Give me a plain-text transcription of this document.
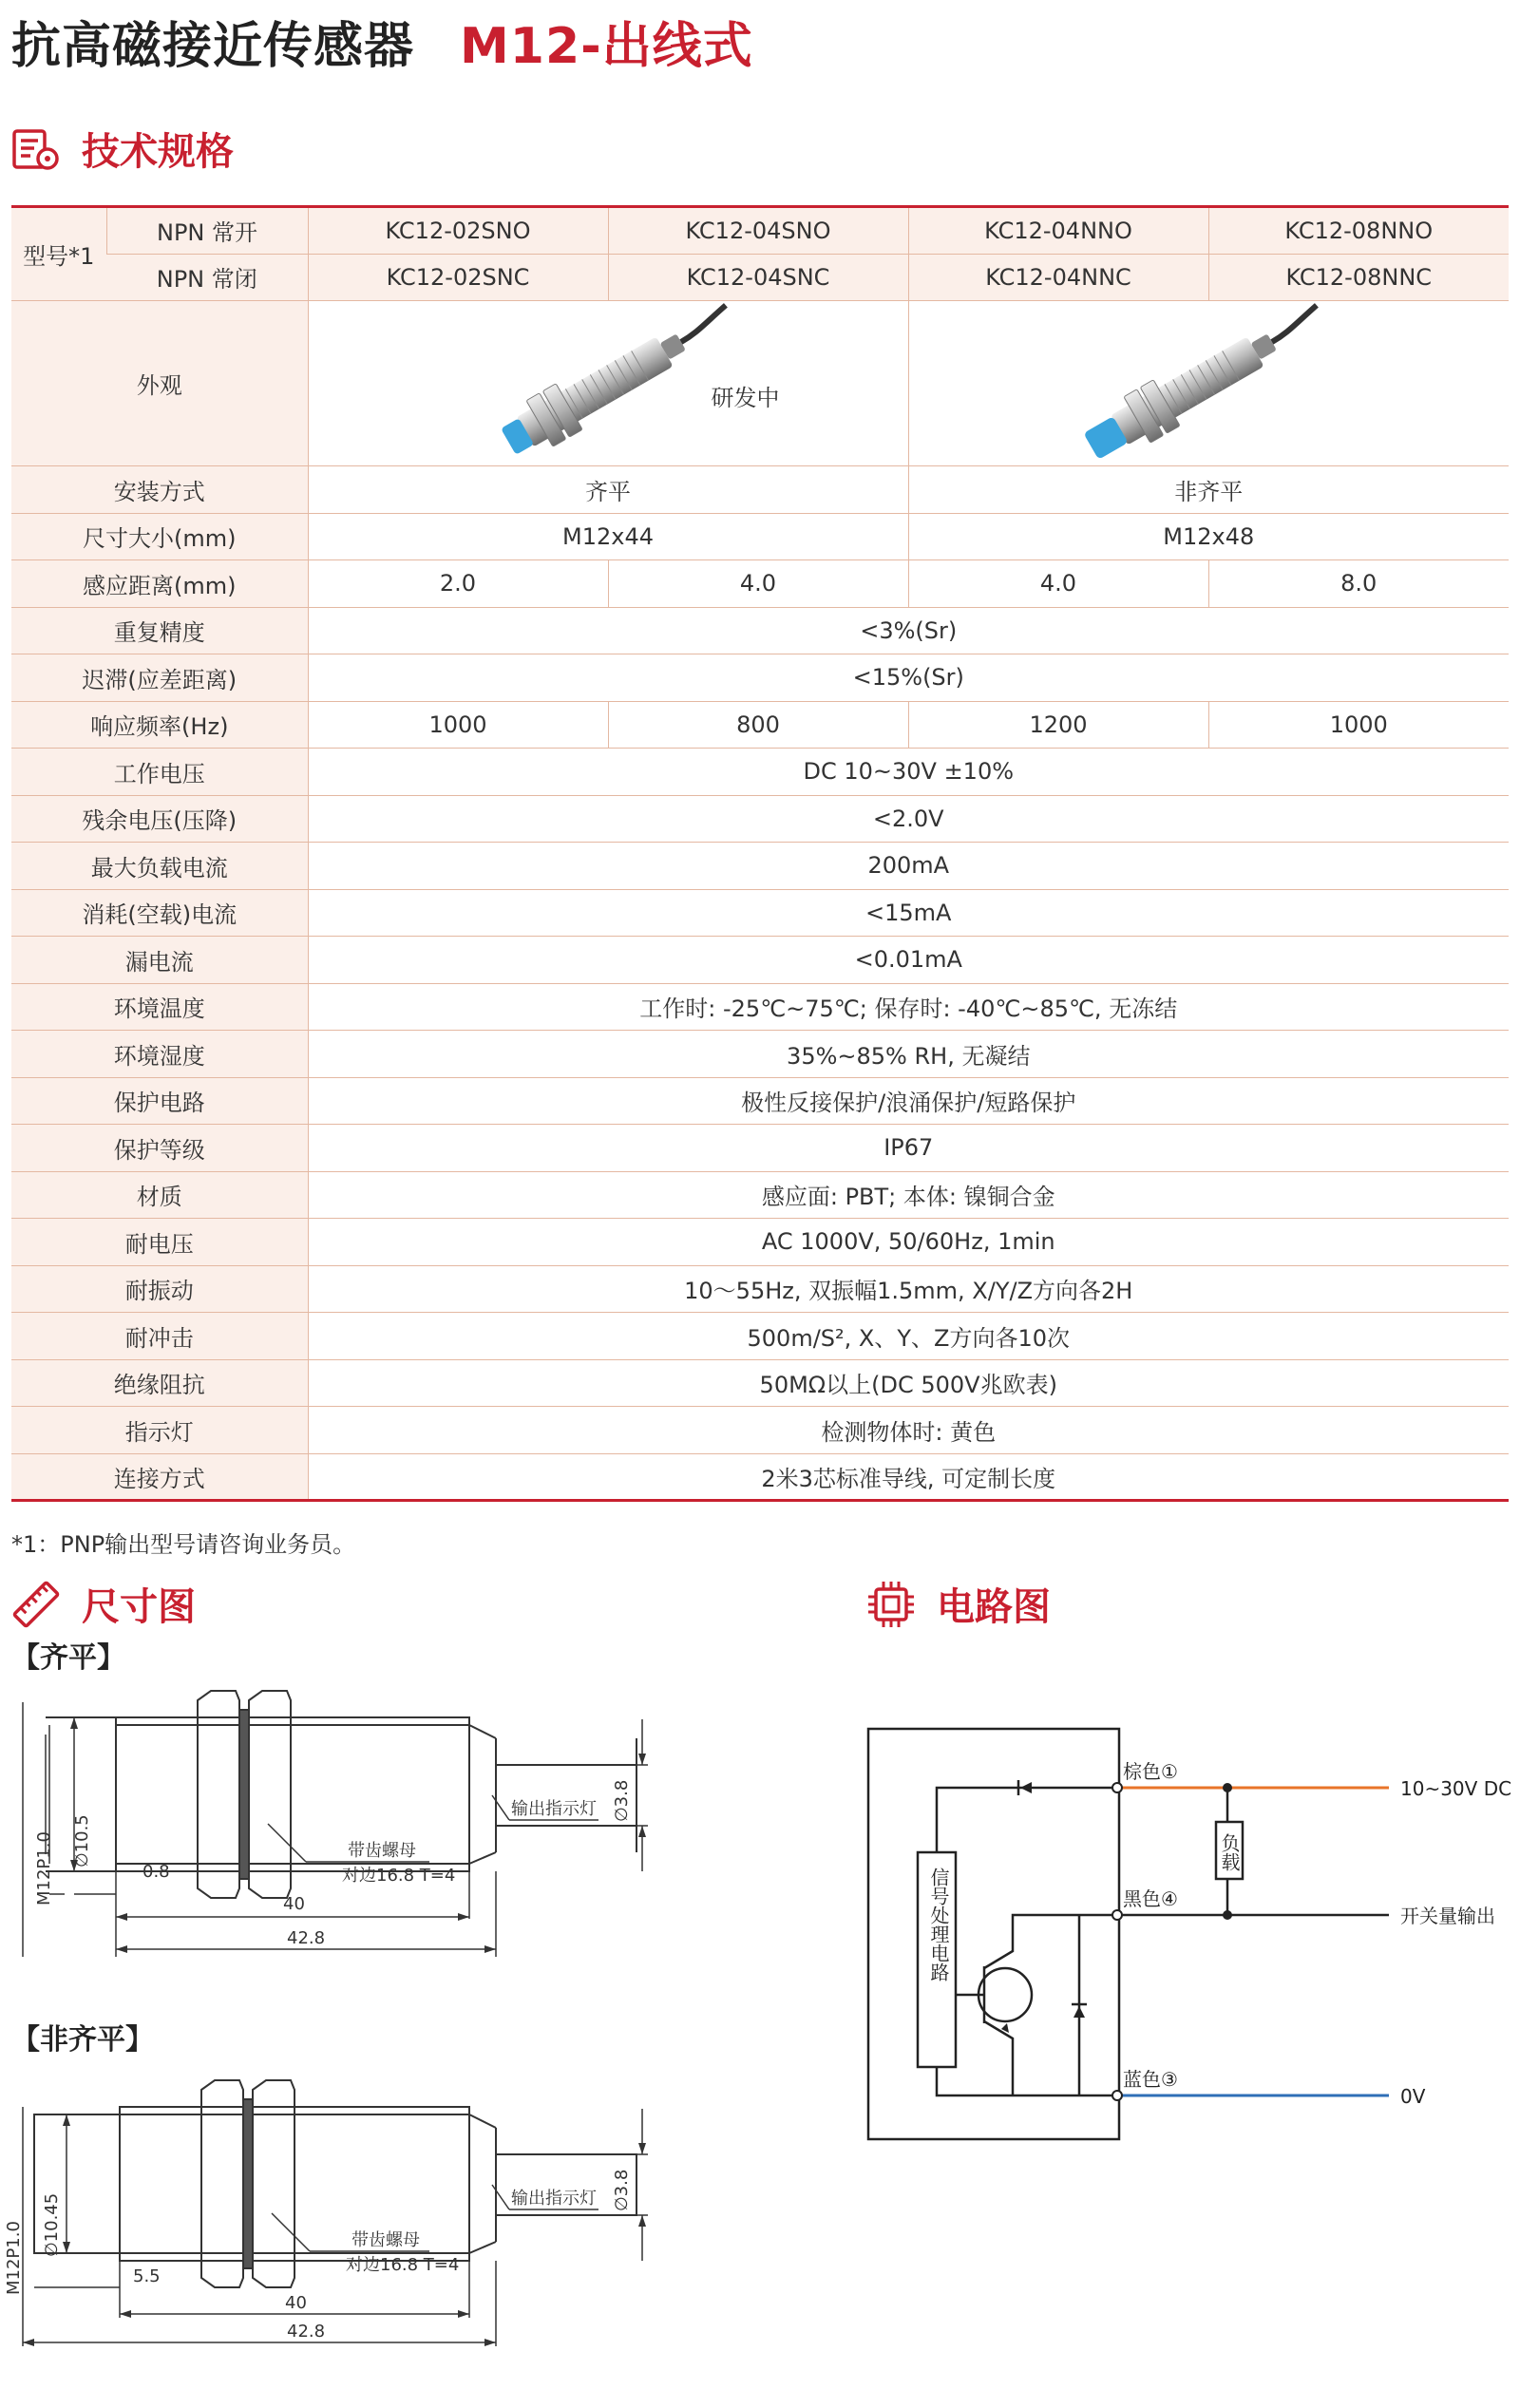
抗高磁接近传感器 M12-出线式
技术规格
型号*1	NPN 常开	KC12-02SNO	KC12-04SNO	KC12-04NNO	KC12-08NNO
	NPN 常闭	KC12-02SNC	KC12-04SNC	KC12-04NNC	KC12-08NNC
外观		研发中

安装方式		齐平		非齐平	
尺寸大小(mm)		M12x44		M12x48	
感应距离(mm)		2.0	4.0	4.0	8.0
重复精度		<3%(Sr)			
迟滞(应差距离)		<15%(Sr)			
响应频率(Hz)		1000	800	1200	1000
工作电压		DC 10~30V ±10%			
残余电压(压降)		<2.0V			
最大负载电流		200mA			
消耗(空载)电流		<15mA			
漏电流		<0.01mA			
环境温度		工作时: -25℃~75℃; 保存时: -40℃~85℃, 无冻结			
环境湿度		35%~85% RH, 无凝结			
保护电路		极性反接保护/浪涌保护/短路保护			
保护等级		IP67			
材质		感应面: PBT; 本体: 镍铜合金			
耐电压		AC 1000V, 50/60Hz, 1min			
耐振动		10～55Hz, 双振幅1.5mm, X/Y/Z方向各2H			
耐冲击		500m/S², X、Y、Z方向各10次			
绝缘阻抗		50MΩ以上(DC 500V兆欧表)			
指示灯		检测物体时: 黄色			
连接方式		2米3芯标准导线, 可定制长度			
*1：PNP输出型号请咨询业务员。
尺寸图	电路图
【齐平】
M12P1.0 ∅10.5
0.8
40
42.8
带齿螺母
对边16.8 T=4
输出指示灯 ∅3.8
【非齐平】
M12P1.0 ∅10.45
5.5
40
42.8
带齿螺母
对边16.8 T=4
输出指示灯 ∅3.8
棕色①
黑色④
蓝色③
10~30V DC
开关量输出
0V
负载
信号处理电路
